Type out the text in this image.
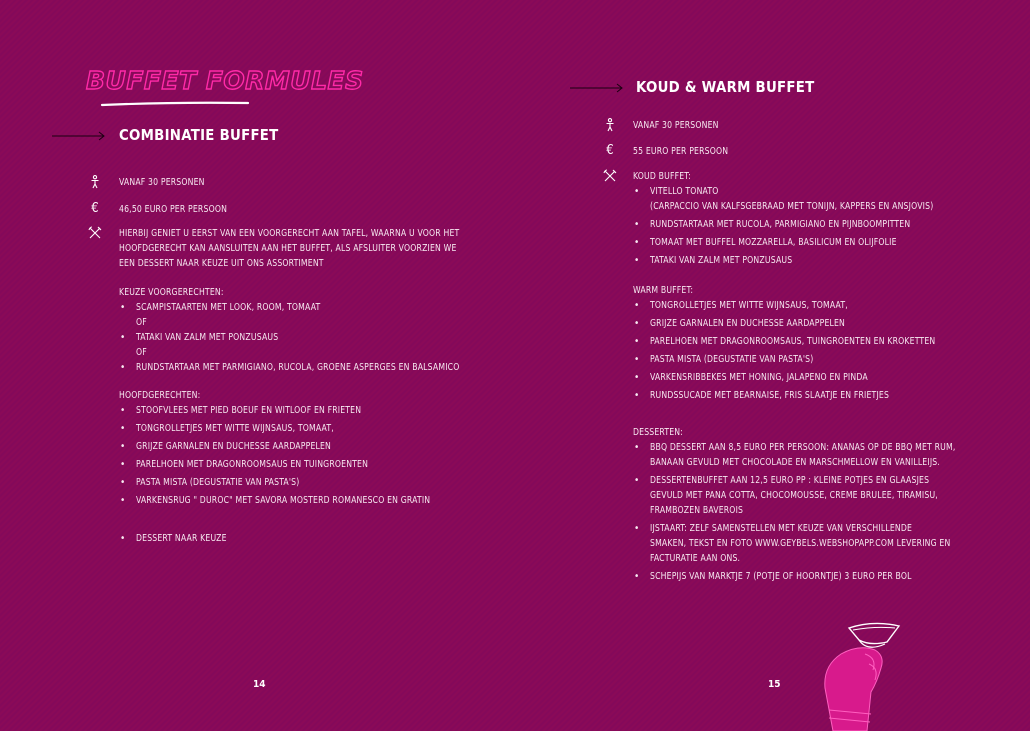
BUFFET FORMULES
COMBINATIE BUFFET
VANAF 30 PERSONEN
€	46,50 EURO PER PERSOON
HIERBIJ GENIET U EERST VAN EEN VOORGERECHT AAN TAFEL, WAARNA U VOOR HET
HOOFDGERECHT KAN AANSLUITEN AAN HET BUFFET, ALS AFSLUITER VOORZIEN WE
EEN DESSERT NAAR KEUZE UIT ONS ASSORTIMENT
KEUZE VOORGERECHTEN:
• SCAMPISTAARTEN MET LOOK, ROOM, TOMAAT
OF
• TATAKI VAN ZALM MET PONZUSAUS
OF
• RUNDSTARTAAR MET PARMIGIANO, RUCOLA, GROENE ASPERGES EN BALSAMICO
HOOFDGERECHTEN:
• STOOFVLEES MET PIED BOEUF EN WITLOOF EN FRIETEN
• TONGROLLETJES MET WITTE WIJNSAUS, TOMAAT,
• GRIJZE GARNALEN EN DUCHESSE AARDAPPELEN
• PARELHOEN MET DRAGONROOMSAUS EN TUINGROENTEN
• PASTA MISTA (DEGUSTATIE VAN PASTA'S)
• VARKENSRUG " DUROC" MET SAVORA MOSTERD ROMANESCO EN GRATIN
• DESSERT NAAR KEUZE
14
KOUD & WARM BUFFET
VANAF 30 PERSONEN
€	55 EURO PER PERSOON
KOUD BUFFET:
• VITELLO TONATO
(CARPACCIO VAN KALFSGEBRAAD MET TONIJN, KAPPERS EN ANSJOVIS)
• RUNDSTARTAAR MET RUCOLA, PARMIGIANO EN PIJNBOOMPITTEN
• TOMAAT MET BUFFEL MOZZARELLA, BASILICUM EN OLIJFOLIE
• TATAKI VAN ZALM MET PONZUSAUS
WARM BUFFET:
• TONGROLLETJES MET WITTE WIJNSAUS, TOMAAT,
• GRIJZE GARNALEN EN DUCHESSE AARDAPPELEN
• PARELHOEN MET DRAGONROOMSAUS, TUINGROENTEN EN KROKETTEN
• PASTA MISTA (DEGUSTATIE VAN PASTA'S)
• VARKENSRIBBEKES MET HONING, JALAPENO EN PINDA
• RUNDSSUCADE MET BEARNAISE, FRIS SLAATJE EN FRIETJES
DESSERTEN:
• BBQ DESSERT AAN 8,5 EURO PER PERSOON: ANANAS OP DE BBQ MET RUM,
BANAAN GEVULD MET CHOCOLADE EN MARSCHMELLOW EN VANILLEIJS.
• DESSERTENBUFFET AAN 12,5 EURO PP : KLEINE POTJES EN GLAASJES
GEVULD MET PANA COTTA, CHOCOMOUSSE, CREME BRULEE, TIRAMISU,
FRAMBOZEN BAVEROIS
• IJSTAART: ZELF SAMENSTELLEN MET KEUZE VAN VERSCHILLENDE
SMAKEN, TEKST EN FOTO WWW.GEYBELS.WEBSHOPAPP.COM LEVERING EN
FACTURATIE AAN ONS.
• SCHEPIJS VAN MARKTJE 7 (POTJE OF HOORNTJE) 3 EURO PER BOL
15
